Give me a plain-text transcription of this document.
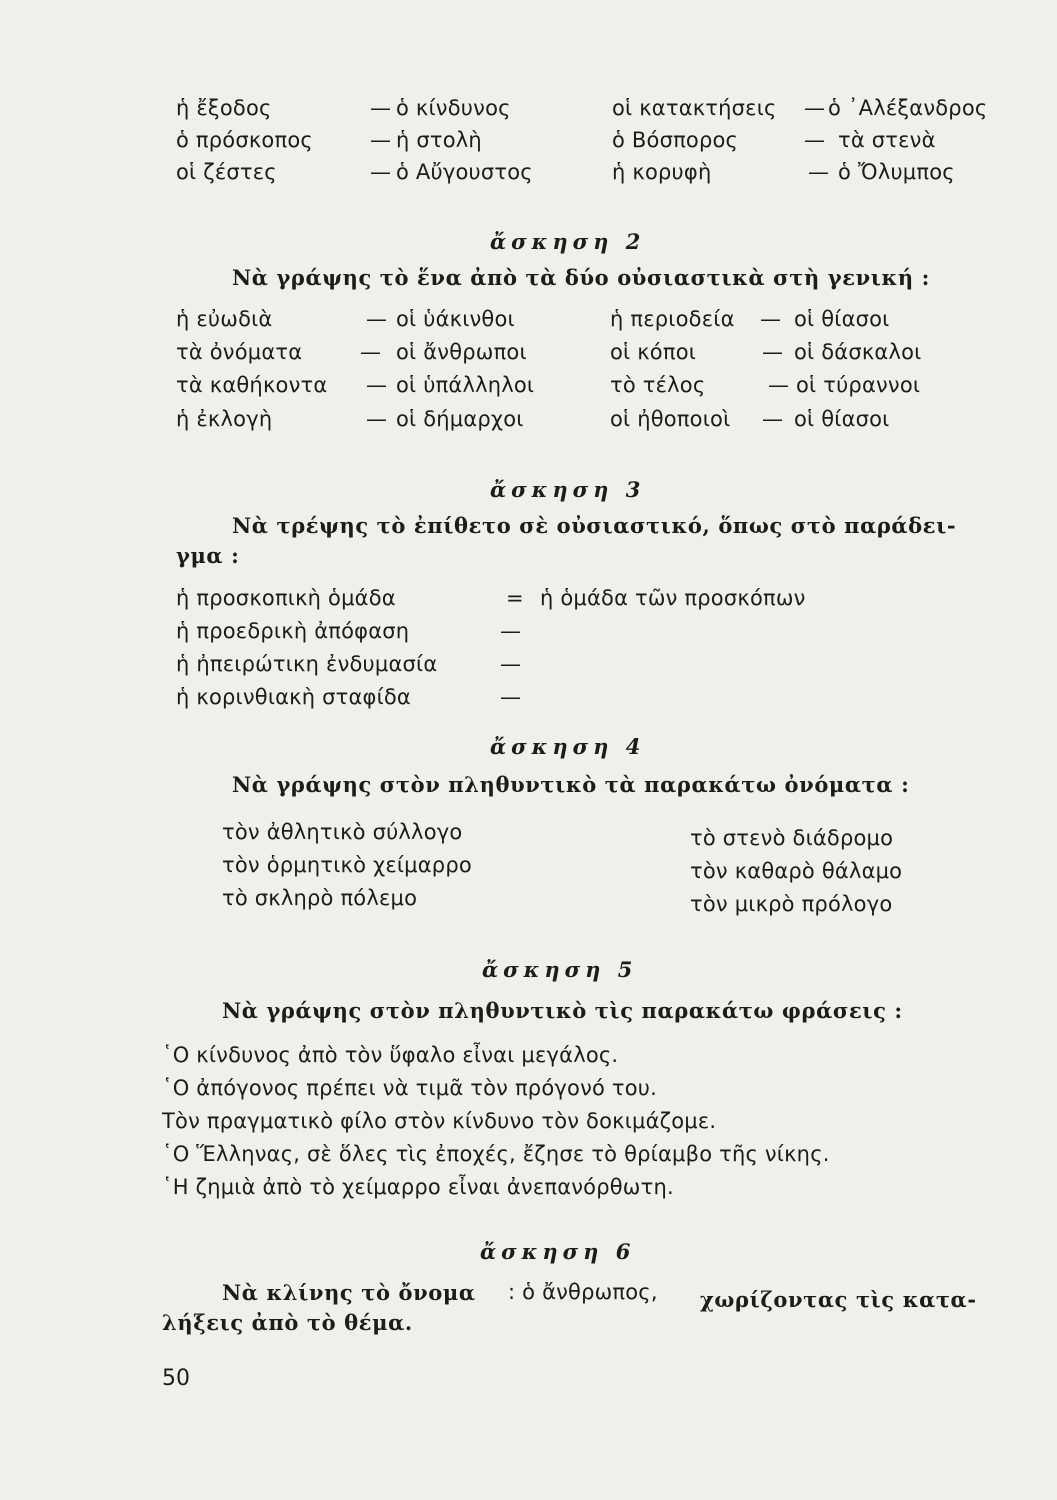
ἡ ἔξοδος	— ὁ κίνδυνος	οἱ κατακτήσεις — ὁ ᾿Αλέξανδρος
ὁ πρόσκοπος	— ἡ στολὴ	ὁ Βόσπορος	— τὰ στενὰ
οἱ ζέστες	— ὁ Αὔγουστος	ἡ κορυφὴ	— ὁ Ὄλυμπος
ἄσκηση 2
Νὰ γράψης τὸ ἕνα ἀπὸ τὰ δύο οὐσιαστικὰ στὴ γενική :
ἡ εὐωδιὰ	— οἱ ὑάκινθοι	ἡ περιοδεία — οἱ θίασοι
τὰ ὀνόματα	— οἱ ἄνθρωποι	οἱ κόποι	— οἱ δάσκαλοι
τὰ καθήκοντα — οἱ ὑπάλληλοι	τὸ τέλος	— οἱ τύραννοι
ἡ ἐκλογὴ	— οἱ δήμαρχοι	οἱ ἠθοποιοὶ — οἱ θίασοι
ἄσκηση 3
Νὰ τρέψης τὸ ἐπίθετο σὲ οὐσιαστικό, ὅπως στὸ παράδει-
γμα :
ἡ προσκοπικὴ ὁμάδα	= ἡ ὁμάδα τῶν προσκόπων
ἡ προεδρικὴ ἀπόφαση	—
ἡ ἠπειρώτικη ἐνδυμασία	—
ἡ κορινθιακὴ σταφίδα	—
ἄσκηση 4
Νὰ γράψης στὸν πληθυντικὸ τὰ παρακάτω ὀνόματα :
τὸν ἀθλητικὸ σύλλογο
τὸν ὁρμητικὸ χείμαρρο
τὸ σκληρὸ πόλεμο
τὸ στενὸ διάδρομο
τὸν καθαρὸ θάλαμο
τὸν μικρὸ πρόλογο
ἄσκηση 5
Νὰ γράψης στὸν πληθυντικὸ τὶς παρακάτω φράσεις :
῾Ο κίνδυνος ἀπὸ τὸν ὕφαλο εἶναι μεγάλος.
῾Ο ἀπόγονος πρέπει νὰ τιμᾶ τὸν πρόγονό του.
Τὸν πραγματικὸ φίλο στὸν κίνδυνο τὸν δοκιμάζομε.
῾Ο Ἕλληνας, σὲ ὅλες τὶς ἐποχές, ἔζησε τὸ θρίαμβο τῆς νίκης.
῾Η ζημιὰ ἀπὸ τὸ χείμαρρο εἶναι ἀνεπανόρθωτη.
ἄσκηση 6
Νὰ κλίνης τὸ ὄνομα : ὁ ἄνθρωπος, χωρίζοντας τὶς κατα-
λήξεις ἀπὸ τὸ θέμα.
50
